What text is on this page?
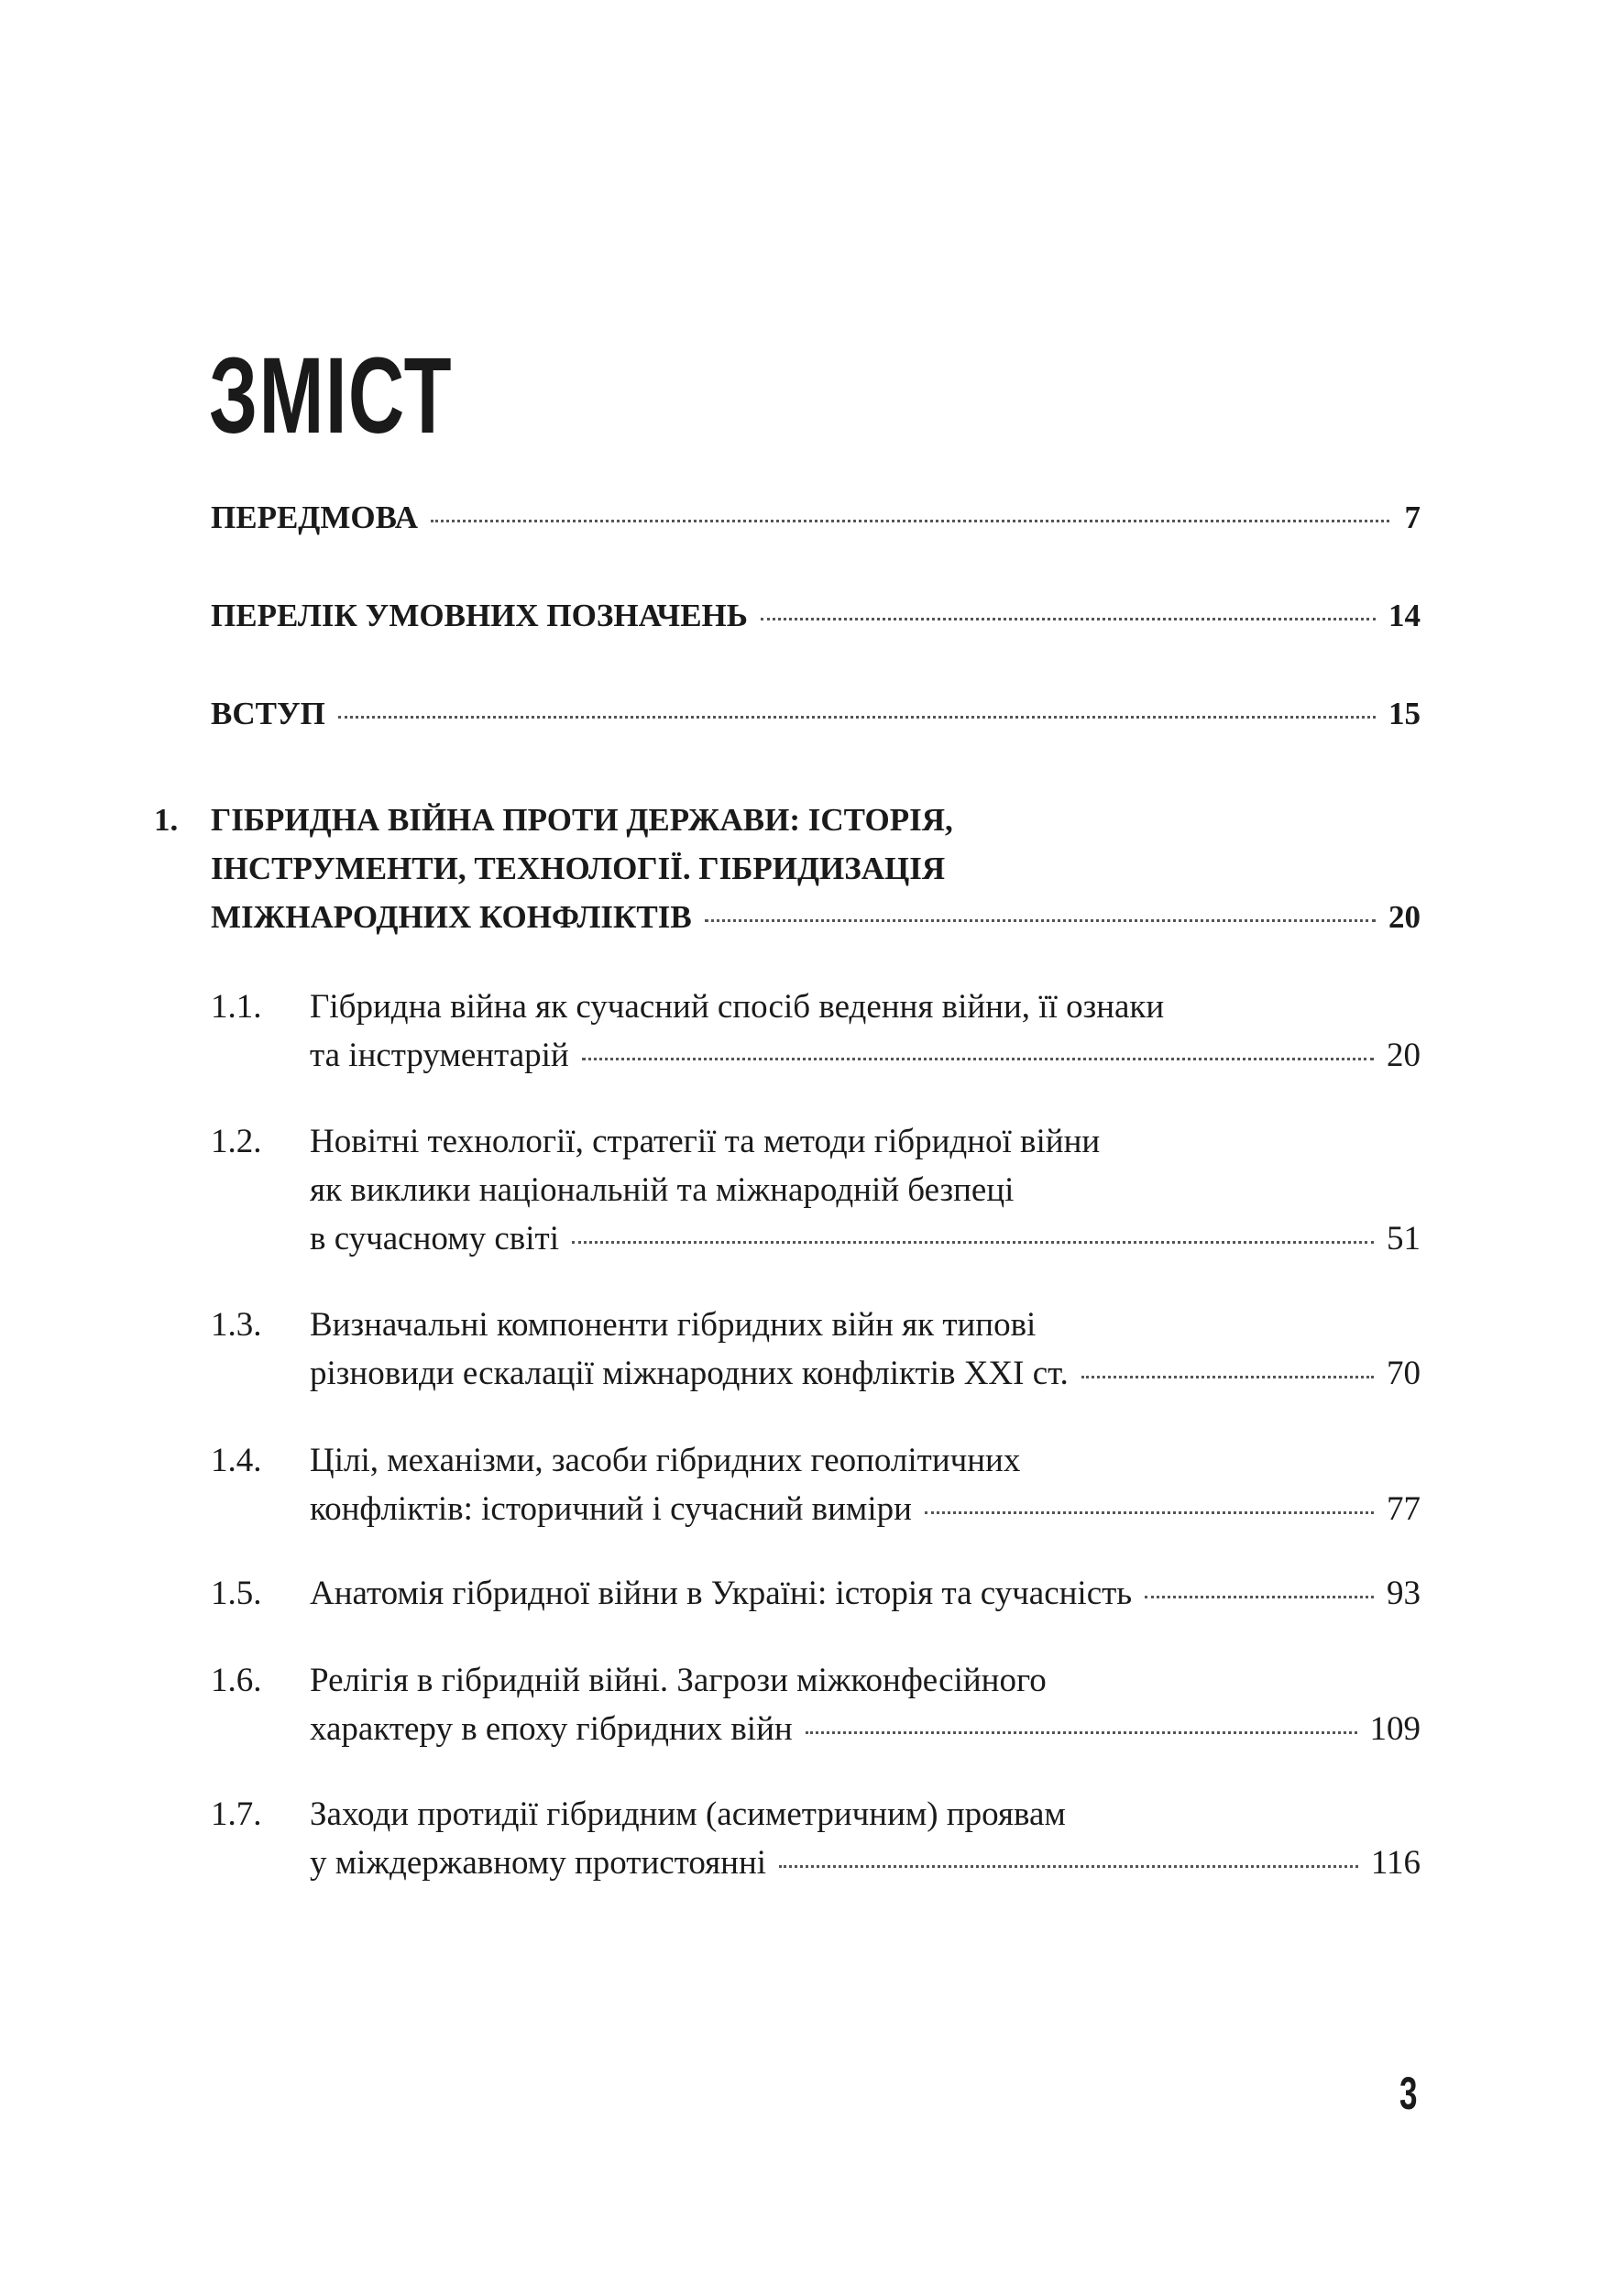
ЗМІСТ
ПЕРЕДМОВА	7
ПЕРЕЛІК УМОВНИХ ПОЗНАЧЕНЬ	14
ВСТУП	15
1. ГІБРИДНА ВІЙНА ПРОТИ ДЕРЖАВИ: ІСТОРІЯ,
ІНСТРУМЕНТИ, ТЕХНОЛОГІЇ. ГІБРИДИЗАЦІЯ
МІЖНАРОДНИХ КОНФЛІКТІВ	20
1.1.	Гібридна війна як сучасний спосіб ведення війни, її ознаки
та інструментарій	20
1.2.	Новітні технології, стратегії та методи гібридної війни
як виклики національній та міжнародній безпеці
в сучасному світі	51
1.3.	Визначальні компоненти гібридних війн як типові
різновиди ескалації міжнародних конфліктів XXI ст.	70
1.4.	Цілі, механізми, засоби гібридних геополітичних
конфліктів: історичний і сучасний виміри	77
1.5. Анатомія гібридної війни в Україні: історія та сучасність	93
1.6.	Релігія в гібридній війні. Загрози міжконфесійного
характеру в епоху гібридних війн	109
1.7.	Заходи протидії гібридним (асиметричним) проявам
у міждержавному протистоянні	116
3
